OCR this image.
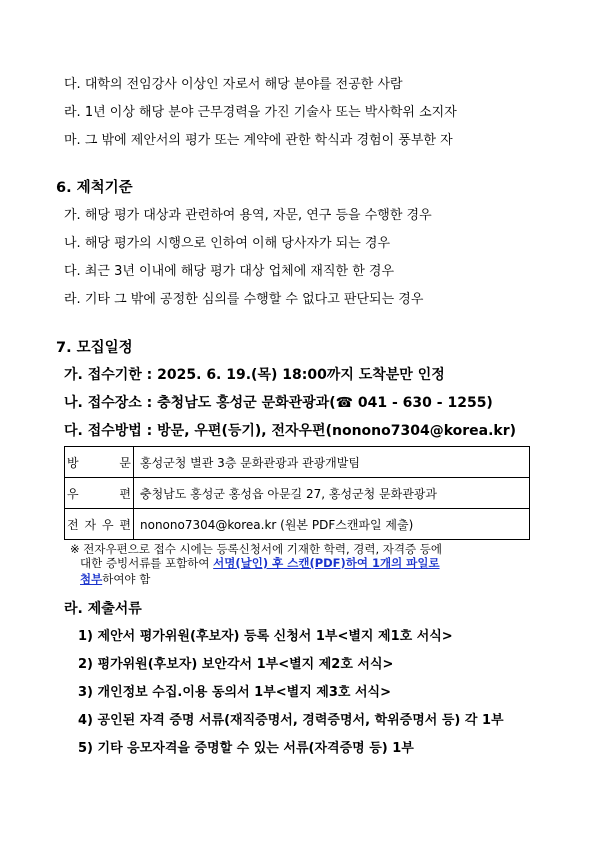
다. 대학의 전임강사 이상인 자로서 해당 분야를 전공한 사람
라. 1년 이상 해당 분야 근무경력을 가진 기술사 또는 박사학위 소지자
마. 그 밖에 제안서의 평가 또는 계약에 관한 학식과 경험이 풍부한 자
6. 제척기준
가. 해당 평가 대상과 관련하여 용역, 자문, 연구 등을 수행한 경우
나. 해당 평가의 시행으로 인하여 이해 당사자가 되는 경우
다. 최근 3년 이내에 해당 평가 대상 업체에 재직한 한 경우
라. 기타 그 밖에 공정한 심의를 수행할 수 없다고 판단되는 경우
7. 모집일정
가. 접수기한 : 2025. 6. 19.(목) 18:00까지 도착분만 인정
나. 접수장소 : 충청남도 홍성군 문화관광과(☎ 041 - 630 - 1255)
다. 접수방법 : 방문, 우편(등기), 전자우편(nonono7304@korea.kr)
방 문	홍성군청 별관 3층 문화관광과 관광개발팀

우 편	충청남도 홍성군 홍성읍 아문길 27, 홍성군청 문화관광과

전 자 우 편	nonono7304@korea.kr (원본 PDF스캔파일 제출)
※ 전자우편으로 접수 시에는 등록신청서에 기재한 학력, 경력, 자격증 등에
대한 증빙서류를 포함하여 서명(날인) 후 스캔(PDF)하여 1개의 파일로
첨부하여야 함
라. 제출서류
1) 제안서 평가위원(후보자) 등록 신청서 1부<별지 제1호 서식>
2) 평가위원(후보자) 보안각서 1부<별지 제2호 서식>
3) 개인정보 수집.이용 동의서 1부<별지 제3호 서식>
4) 공인된 자격 증명 서류(재직증명서, 경력증명서, 학위증명서 등) 각 1부
5) 기타 응모자격을 증명할 수 있는 서류(자격증명 등) 1부
